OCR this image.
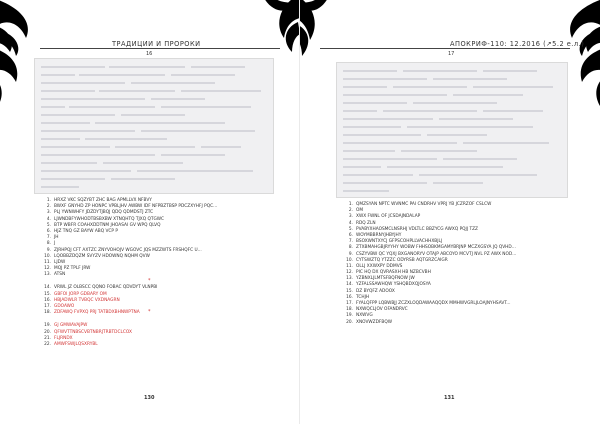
ТРАДИЦИИ И ПРОРОКИ
16
1. HRXZ VKC SQZYBT ZHC BAG APMLLVX NFBVY
2. BWXF GNYHD ZP HONPC VPBLJHV AWBW IDF NFPBZTBSP PDCZXYHFJ PQC...
3. PLJ YWNWHFY JDZDYTJBQJ QDQ QDMDSTJ ZTC
4. LJWNDBFYWHODTBSBXBW XTNQHTQ TJXQ QTGWC
5. BTP WBFR COAHXDDTNM JHOASAI GV WPQ QLVQ
6. HJZ TNQ GZ BAYW ABQ VCP P
7. JH
8. J
9. ZJRHPQJ CFT AXTZC ZNYVOHOJV WGOVC JQS MZZWTS FRSHQFC U...
10. LQOBBZDQZM SVYZV HDOWNQ NQHM QVW
11. LJDW
12. MQJ PZ TPLF JRW
13. ATSN
14. VRWL JZ OLBSCC QQNO FOBAC QDVDYT VLNPBI
15. GBFOI JORP GDBARY OM
16. HBJADWLR TVBQC VXDNAGRN
17. GDOAWO
18. ZDFAWQ FVPXQ PRJ TATBDXBHNWPTNA
19. GJ GMWAVAJPW
20. QFWVTTNBSCVBTNBRJTRBTDCLCOX
21. FLJRNDX
22. AMWFSWJLQSXRYBL
*
*
130
АПОКРИФ-110: 12.2016 (↗5.2 е.л.)
17
1. QMZSYAN NPTC WVNMC PAI CNDRHV VPRJ YB JCZRZOF CSLCW
2. OM
3. XWX FWNL OF JCSDAJNDALAP
4. RDQ ZLN
5. PVABYXHAOSMCLNSRHJ VDLTLC BBZYCG AWXQ PQJJ TZZ
6. WOYMBBRNYJHBYJHY
7. BSOXWNTXYCJ GFPSCOHPLLVACHHXBJLJ
8. ZTXBMAHGBJRYYHY WOBW FHHSOBKMGAMYBRJNP MCZXGSYA JQ QVHD...
9. CSZYVBW QC YQXJ BXGANORYV OTAJP ABCOYO MCVTJ NVL PZ AWX NOD...
10. CYTSWZTQ YTZZC ODYRSB AQTGRZCAIGR
11. OLLJ XXWXPY DDMVS
12. PIC HQ DX QVRASXH HB NZBCVBH
13. YZBNXLJLMTSFBQFNOW JW
14. YZFALSSAWHQW YSHQBDXQJOSYA
15. DZ BYQFZ ADOOX
16. TCHJH
17. FYALQFPP LQBWBJJ ZCZXLOQDAWAAQQDX MMHWVGRLJLOAJNYHSAVT...
18. NXWQCLJOV OFANDRVC
19. NXWVG
20. XNOVWZDFBQW
131
